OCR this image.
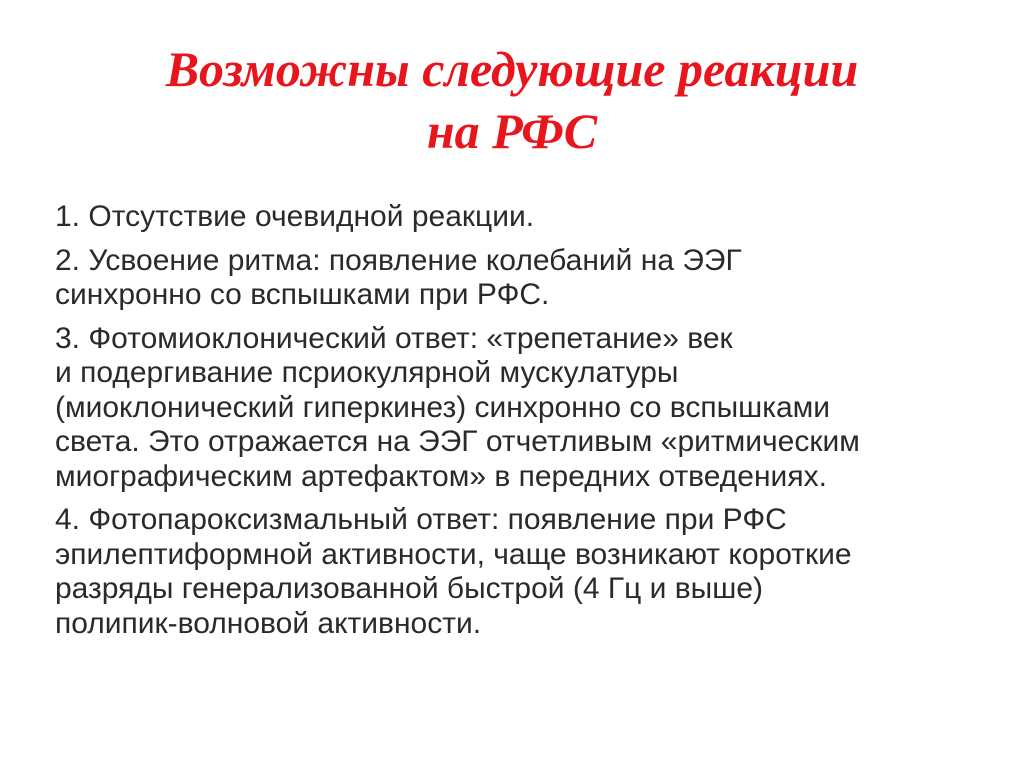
Возможны следующие реакции
на РФС
1. Отсутствие очевидной реакции.
2. Усвоение ритма: появление колебаний на ЭЭГ
синхронно со вспышками при РФС.
3. Фотомиоклонический ответ: «трепетание» век
и подергивание псриокулярной мускулатуры
(миоклонический гиперкинез) синхронно со вспышками
света. Это отражается на ЭЭГ отчетливым «ритмическим
миографическим артефактом» в передних отведениях.
4. Фотопароксизмальный ответ: появление при РФС
эпилептиформной активности, чаще возникают короткие
разряды генерализованной быстрой (4 Гц и выше)
полипик-волновой активности.
